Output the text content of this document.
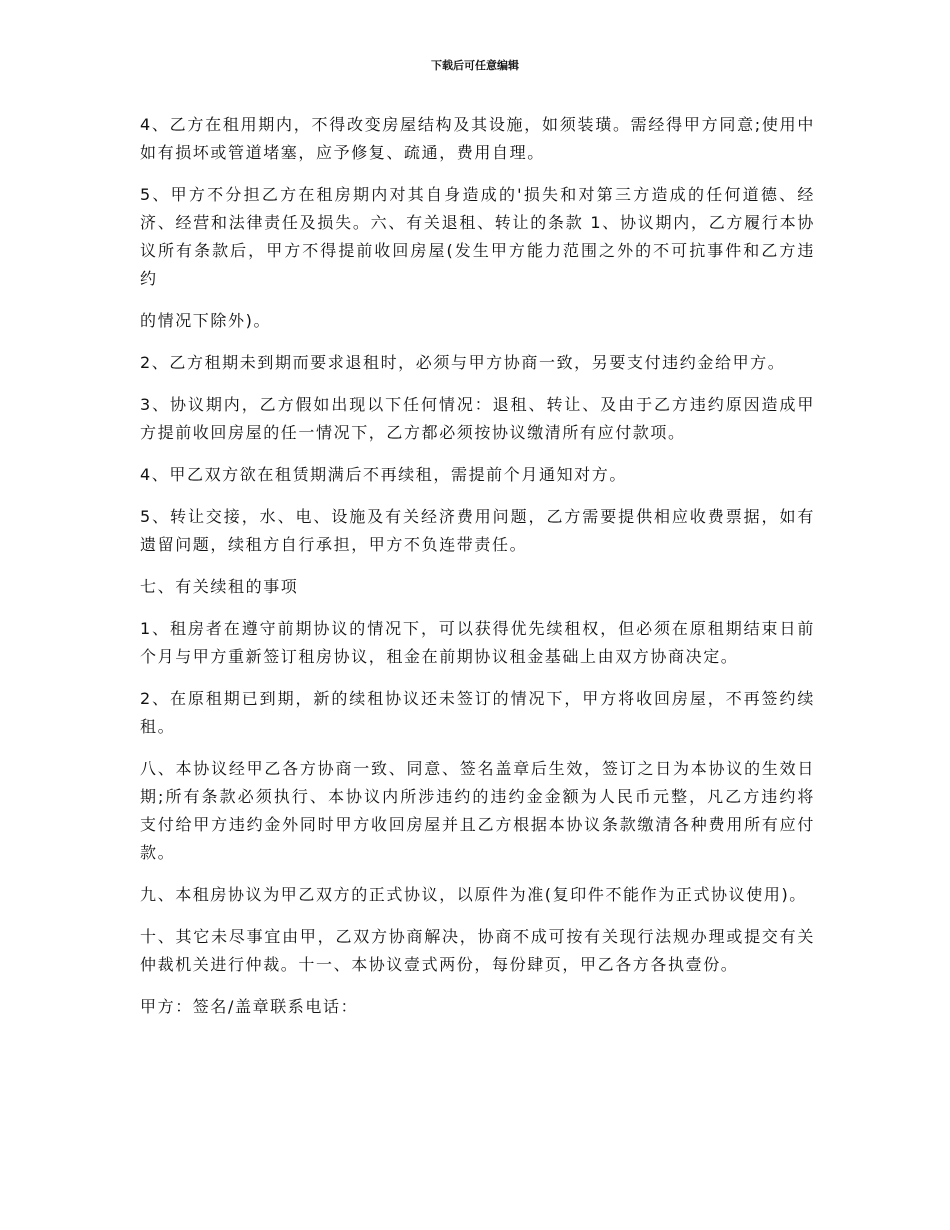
下载后可任意编辑

4、乙方在租用期内，不得改变房屋结构及其设施，如须装璜。需经得甲方同意;使用中如有损坏或管道堵塞，应予修复、疏通，费用自理。

5、甲方不分担乙方在租房期内对其自身造成的'损失和对第三方造成的任何道德、经济、经营和法律责任及损失。六、有关退租、转让的条款 1、协议期内，乙方履行本协议所有条款后，甲方不得提前收回房屋(发生甲方能力范围之外的不可抗事件和乙方违约

的情况下除外)。

2、乙方租期未到期而要求退租时，必须与甲方协商一致，另要支付违约金给甲方。

3、协议期内，乙方假如出现以下任何情况：退租、转让、及由于乙方违约原因造成甲方提前收回房屋的任一情况下，乙方都必须按协议缴清所有应付款项。

4、甲乙双方欲在租赁期满后不再续租，需提前个月通知对方。

5、转让交接，水、电、设施及有关经济费用问题，乙方需要提供相应收费票据，如有遗留问题，续租方自行承担，甲方不负连带责任。

七、有关续租的事项

1、租房者在遵守前期协议的情况下，可以获得优先续租权，但必须在原租期结束日前个月与甲方重新签订租房协议，租金在前期协议租金基础上由双方协商决定。

2、在原租期已到期，新的续租协议还未签订的情况下，甲方将收回房屋，不再签约续租。

八、本协议经甲乙各方协商一致、同意、签名盖章后生效，签订之日为本协议的生效日期;所有条款必须执行、本协议内所涉违约的违约金金额为人民币元整，凡乙方违约将支付给甲方违约金外同时甲方收回房屋并且乙方根据本协议条款缴清各种费用所有应付款。

九、本租房协议为甲乙双方的正式协议，以原件为准(复印件不能作为正式协议使用)。

十、其它未尽事宜由甲，乙双方协商解决，协商不成可按有关现行法规办理或提交有关仲裁机关进行仲裁。十一、本协议壹式两份，每份肆页，甲乙各方各执壹份。

甲方：签名/盖章联系电话：
